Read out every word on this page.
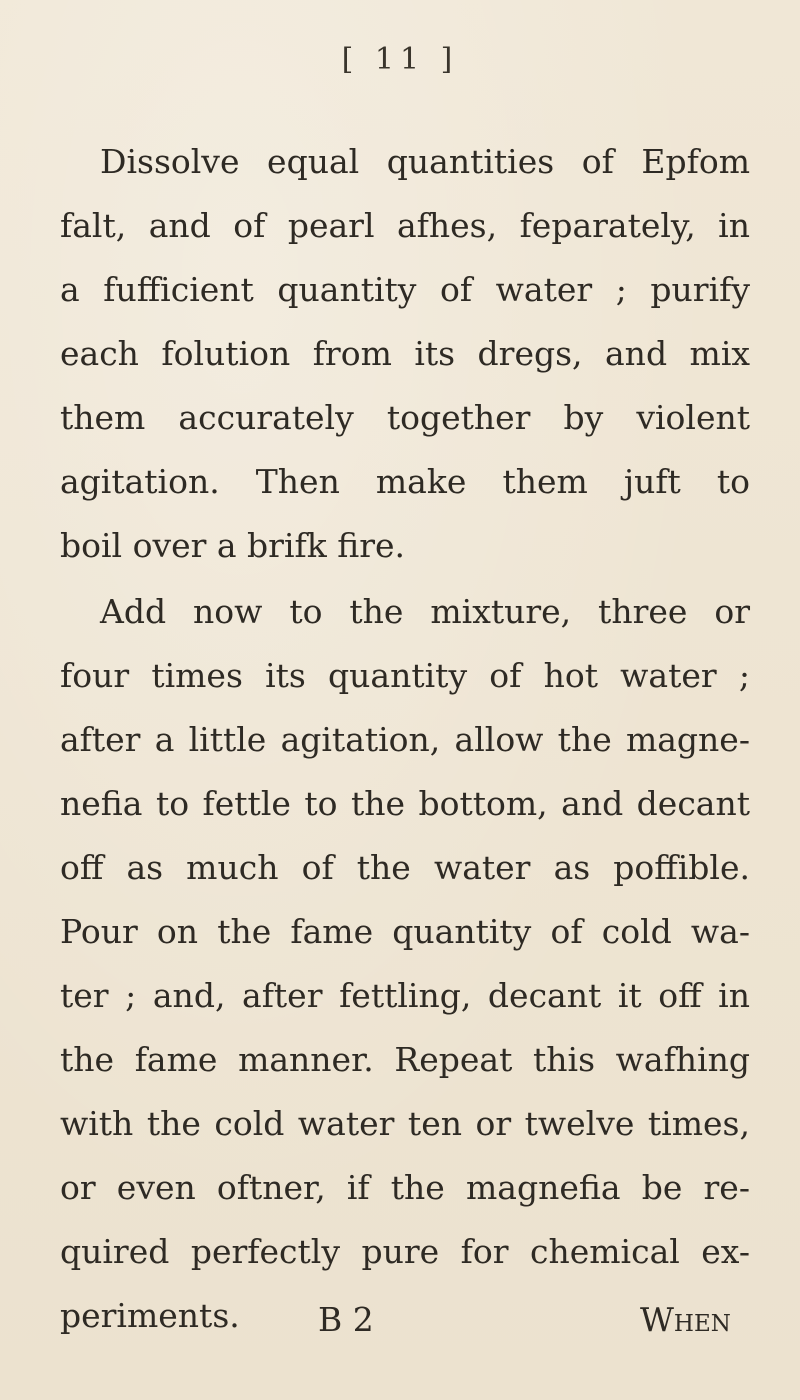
[ 11 ]
Dissolve equal quantities of Epfom
falt, and of pearl afhes, feparately, in
a fufficient quantity of water ; purify
each folution from its dregs, and mix
them accurately together by violent
agitation. Then make them juft to
boil over a brifk fire.
Add now to the mixture, three or
four times its quantity of hot water ;
after a little agitation, allow the magne-
nefia to fettle to the bottom, and decant
off as much of the water as poffible.
Pour on the fame quantity of cold wa-
ter ; and, after fettling, decant it off in
the fame manner. Repeat this wafhing
with the cold water ten or twelve times,
or even oftner, if the magnefia be re-
quired perfectly pure for chemical ex-
periments.	B 2	When
